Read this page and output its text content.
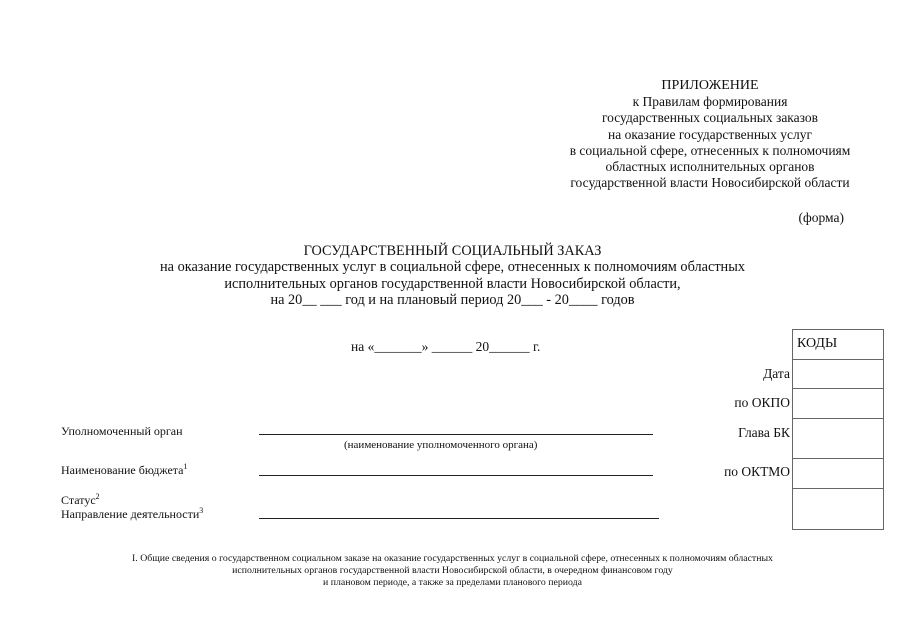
ПРИЛОЖЕНИЕ
к Правилам формирования
государственных социальных заказов
на оказание государственных услуг
в социальной сфере, отнесенных к полномочиям
областных исполнительных органов
государственной власти Новосибирской области
(форма)
ГОСУДАРСТВЕННЫЙ СОЦИАЛЬНЫЙ ЗАКАЗ
на оказание государственных услуг в социальной сфере, отнесенных к полномочиям областных
исполнительных органов государственной власти Новосибирской области,
на 20__ ___ год и на плановый период 20___ - 20____ годов
на «_______» ______ 20______ г.	КОДЫ
Дата
по ОКПО
Глава БК
по ОКТМО
Уполномоченный орган
(наименование уполномоченного органа)
Наименование бюджета$^1$
Статус$^2$
Направление деятельности$^3$
I. Общие сведения о государственном социальном заказе на оказание государственных услуг в социальной сфере, отнесенных к полномочиям областных
исполнительных органов государственной власти Новосибирской области, в очередном финансовом году
и плановом периоде, а также за пределами планового периода
